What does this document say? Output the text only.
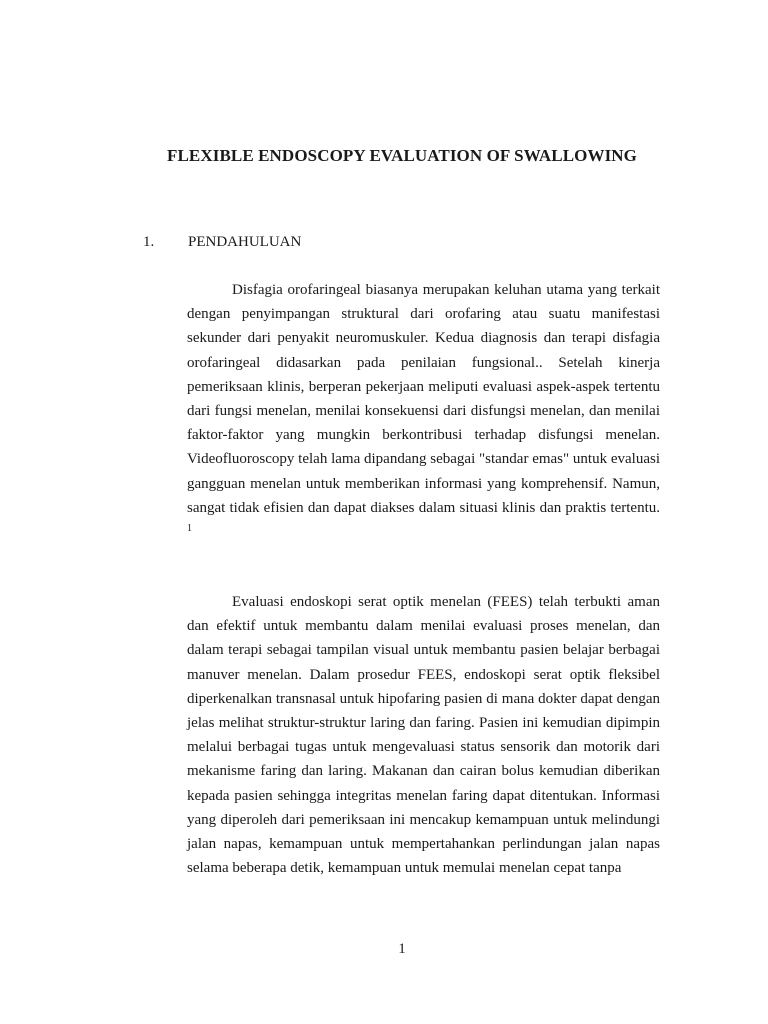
FLEXIBLE ENDOSCOPY EVALUATION OF SWALLOWING
1. PENDAHULUAN

Disfagia orofaringeal biasanya merupakan keluhan utama yang terkait dengan penyimpangan struktural dari orofaring atau suatu manifestasi sekunder dari penyakit neuromuskuler. Kedua diagnosis dan terapi disfagia orofaringeal didasarkan pada penilaian fungsional.. Setelah kinerja pemeriksaan klinis, berperan pekerjaan meliputi evaluasi aspek-aspek tertentu dari fungsi menelan, menilai konsekuensi dari disfungsi menelan, dan menilai faktor-faktor yang mungkin berkontribusi terhadap disfungsi menelan. Videofluoroscopy telah lama dipandang sebagai "standar emas" untuk evaluasi gangguan menelan untuk memberikan informasi yang komprehensif. Namun, sangat tidak efisien dan dapat diakses dalam situasi klinis dan praktis tertentu. $^1$

Evaluasi endoskopi serat optik menelan (FEES) telah terbukti aman dan efektif untuk membantu dalam menilai evaluasi proses menelan, dan dalam terapi sebagai tampilan visual untuk membantu pasien belajar berbagai manuver menelan. Dalam prosedur FEES, endoskopi serat optik fleksibel diperkenalkan transnasal untuk hipofaring pasien di mana dokter dapat dengan jelas melihat struktur-struktur laring dan faring. Pasien ini kemudian dipimpin melalui berbagai tugas untuk mengevaluasi status sensorik dan motorik dari mekanisme faring dan laring. Makanan dan cairan bolus kemudian diberikan kepada pasien sehingga integritas menelan faring dapat ditentukan. Informasi yang diperoleh dari pemeriksaan ini mencakup kemampuan untuk melindungi jalan napas, kemampuan untuk mempertahankan perlindungan jalan napas selama beberapa detik, kemampuan untuk memulai menelan cepat tanpa

1
